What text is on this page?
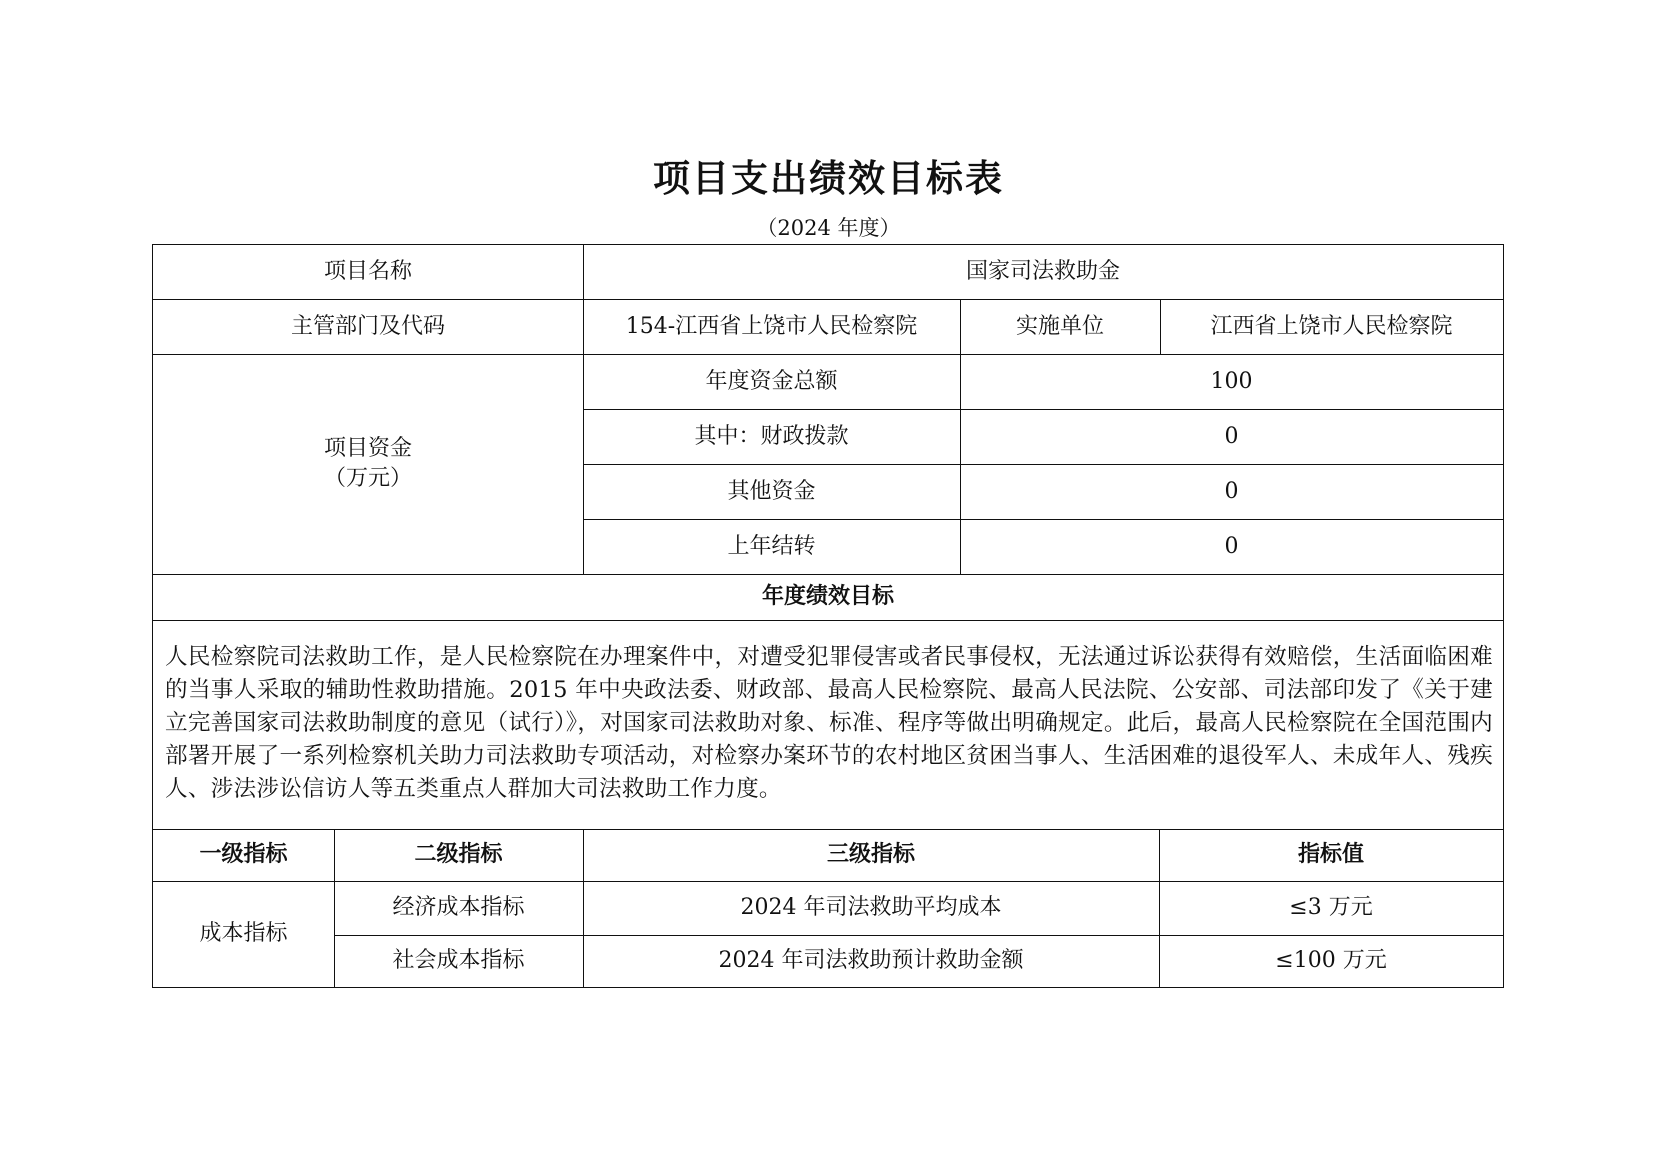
项目支出绩效目标表
（2024 年度）
项目名称	国家司法救助金
主管部门及代码	154-江西省上饶市人民检察院	实施单位	江西省上饶市人民检察院
项目资金
（万元）
年度资金总额	100
其中：财政拨款	0
其他资金	0
上年结转	0
年度绩效目标
人民检察院司法救助工作，是人民检察院在办理案件中，对遭受犯罪侵害或者民事侵权，无法通过诉讼获得有效赔偿，生活面临困难的当事人采取的辅助性救助措施。2015 年中央政法委、财政部、最高人民检察院、最高人民法院、公安部、司法部印发了《关于建立完善国家司法救助制度的意见（试行）》，对国家司法救助对象、标准、程序等做出明确规定。此后，最高人民检察院在全国范围内部署开展了一系列检察机关助力司法救助专项活动，对检察办案环节的农村地区贫困当事人、生活困难的退役军人、未成年人、残疾人、涉法涉讼信访人等五类重点人群加大司法救助工作力度。
一级指标	二级指标	三级指标	指标值
成本指标
经济成本指标	2024 年司法救助平均成本	≤3 万元
社会成本指标	2024 年司法救助预计救助金额	≤100 万元
